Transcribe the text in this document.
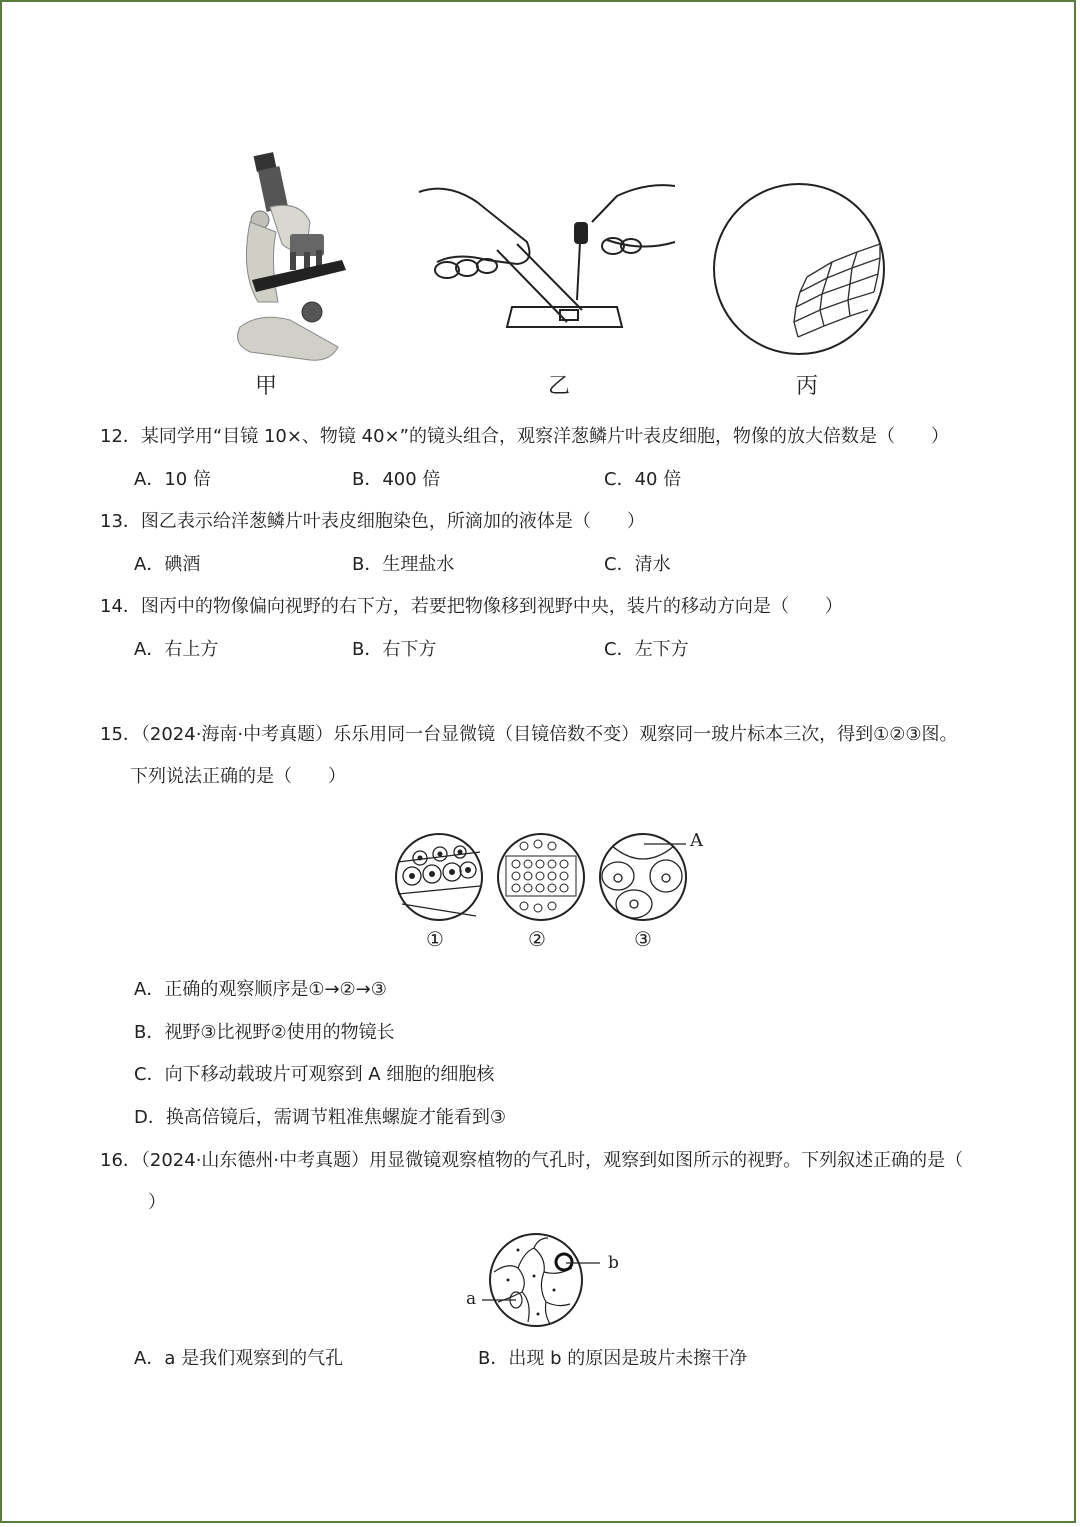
甲	乙	丙
12．某同学用“目镜 10×、物镜 40×”的镜头组合，观察洋葱鳞片叶表皮细胞，物像的放大倍数是（　　）
A．10 倍	B．400 倍	C．40 倍
13．图乙表示给洋葱鳞片叶表皮细胞染色，所滴加的液体是（　　）
A．碘酒	B．生理盐水	C．清水
14．图丙中的物像偏向视野的右下方，若要把物像移到视野中央，装片的移动方向是（　　）
A．右上方	B．右下方	C．左下方
15．（2024·海南·中考真题）乐乐用同一台显微镜（目镜倍数不变）观察同一玻片标本三次，得到①②③图。
下列说法正确的是（　　）
A
①	②	③
A．正确的观察顺序是①→②→③
B．视野③比视野②使用的物镜长
C．向下移动载玻片可观察到 A 细胞的细胞核
D．换高倍镜后，需调节粗准焦螺旋才能看到③
16．（2024·山东德州·中考真题）用显微镜观察植物的气孔时，观察到如图所示的视野。下列叙述正确的是（
）
a
b
A．a 是我们观察到的气孔	B．出现 b 的原因是玻片未擦干净
